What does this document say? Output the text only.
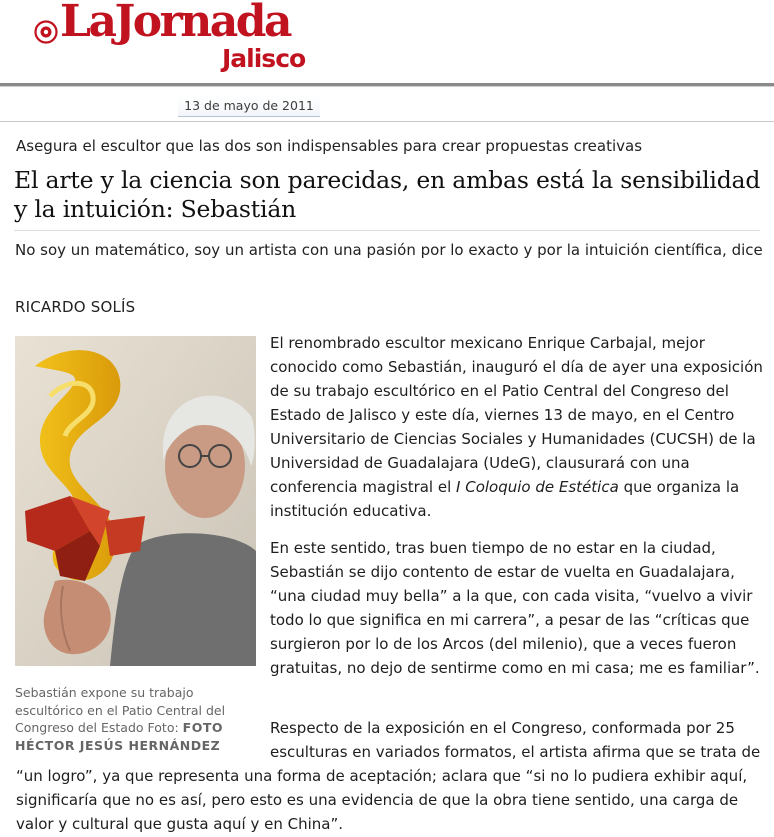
LaJornada
Jalisco
13 de mayo de 2011
Asegura el escultor que las dos son indispensables para crear propuestas creativas
El arte y la ciencia son parecidas, en ambas está la sensibilidad y la intuición: Sebastián
No soy un matemático, soy un artista con una pasión por lo exacto y por la intuición científica, dice
RICARDO SOLÍS
Sebastián expone su trabajo escultórico en el Patio Central del Congreso del Estado Foto: FOTO HÉCTOR JESÚS HERNÁNDEZ
El renombrado escultor mexicano Enrique Carbajal, mejor conocido como Sebastián, inauguró el día de ayer una exposición de su trabajo escultórico en el Patio Central del Congreso del Estado de Jalisco y este día, viernes 13 de mayo, en el Centro Universitario de Ciencias Sociales y Humanidades (CUCSH) de la Universidad de Guadalajara (UdeG), clausurará con una conferencia magistral el I Coloquio de Estética que organiza la institución educativa.
En este sentido, tras buen tiempo de no estar en la ciudad, Sebastián se dijo contento de estar de vuelta en Guadalajara, “una ciudad muy bella” a la que, con cada visita, “vuelvo a vivir todo lo que significa en mi carrera”, a pesar de las “críticas que surgieron por lo de los Arcos (del milenio), que a veces fueron gratuitas, no dejo de sentirme como en mi casa; me es familiar”.
Respecto de la exposición en el Congreso, conformada por 25
esculturas en variados formatos, el artista afirma que se trata de
“un logro”, ya que representa una forma de aceptación; aclara que “si no lo pudiera exhibir aquí,
significaría que no es así, pero esto es una evidencia de que la obra tiene sentido, una carga de
valor y cultural que gusta aquí y en China”.
